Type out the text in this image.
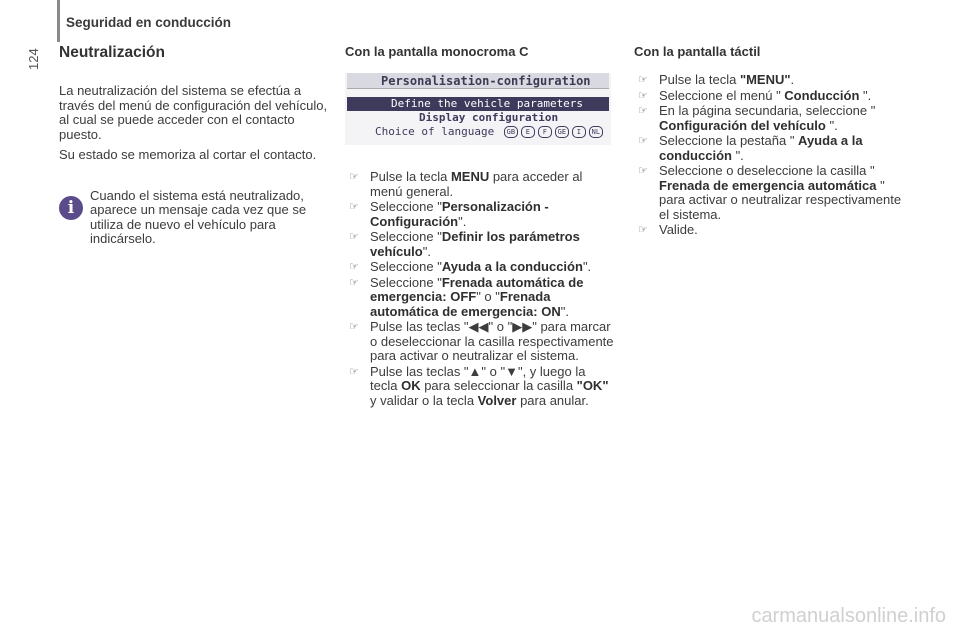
124
Seguridad en conducción
Neutralización

La neutralización del sistema se efectúa a través del menú de configuración del vehículo, al cual se puede acceder con el contacto puesto.

Su estado se memoriza al cortar el contacto.

i
Cuando el sistema está neutralizado, aparece un mensaje cada vez que se utiliza de nuevo el vehículo para indicárselo.
Con la pantalla monocroma C
Personalisation-configuration
Define the vehicle parameters
Display configuration
Choice of language GB E F GE I NL
☞ Pulse la tecla MENU para acceder al menú general.
☞ Seleccione "Personalización - Configuración".
☞ Seleccione "Definir los parámetros vehículo".
☞ Seleccione "Ayuda a la conducción".
☞ Seleccione "Frenada automática de emergencia: OFF" o "Frenada automática de emergencia: ON".
☞ Pulse las teclas "◀◀" o "▶▶" para marcar o deseleccionar la casilla respectivamente para activar o neutralizar el sistema.
☞ Pulse las teclas "▲" o "▼", y luego la tecla OK para seleccionar la casilla "OK" y validar o la tecla Volver para anular.
Con la pantalla táctil
☞ Pulse la tecla "MENU".
☞ Seleccione el menú " Conducción ".
☞ En la página secundaria, seleccione " Configuración del vehículo ".
☞ Seleccione la pestaña " Ayuda a la conducción ".
☞ Seleccione o deseleccione la casilla " Frenada de emergencia automática " para activar o neutralizar respectivamente el sistema.
☞ Valide.
carmanualsonline.info
